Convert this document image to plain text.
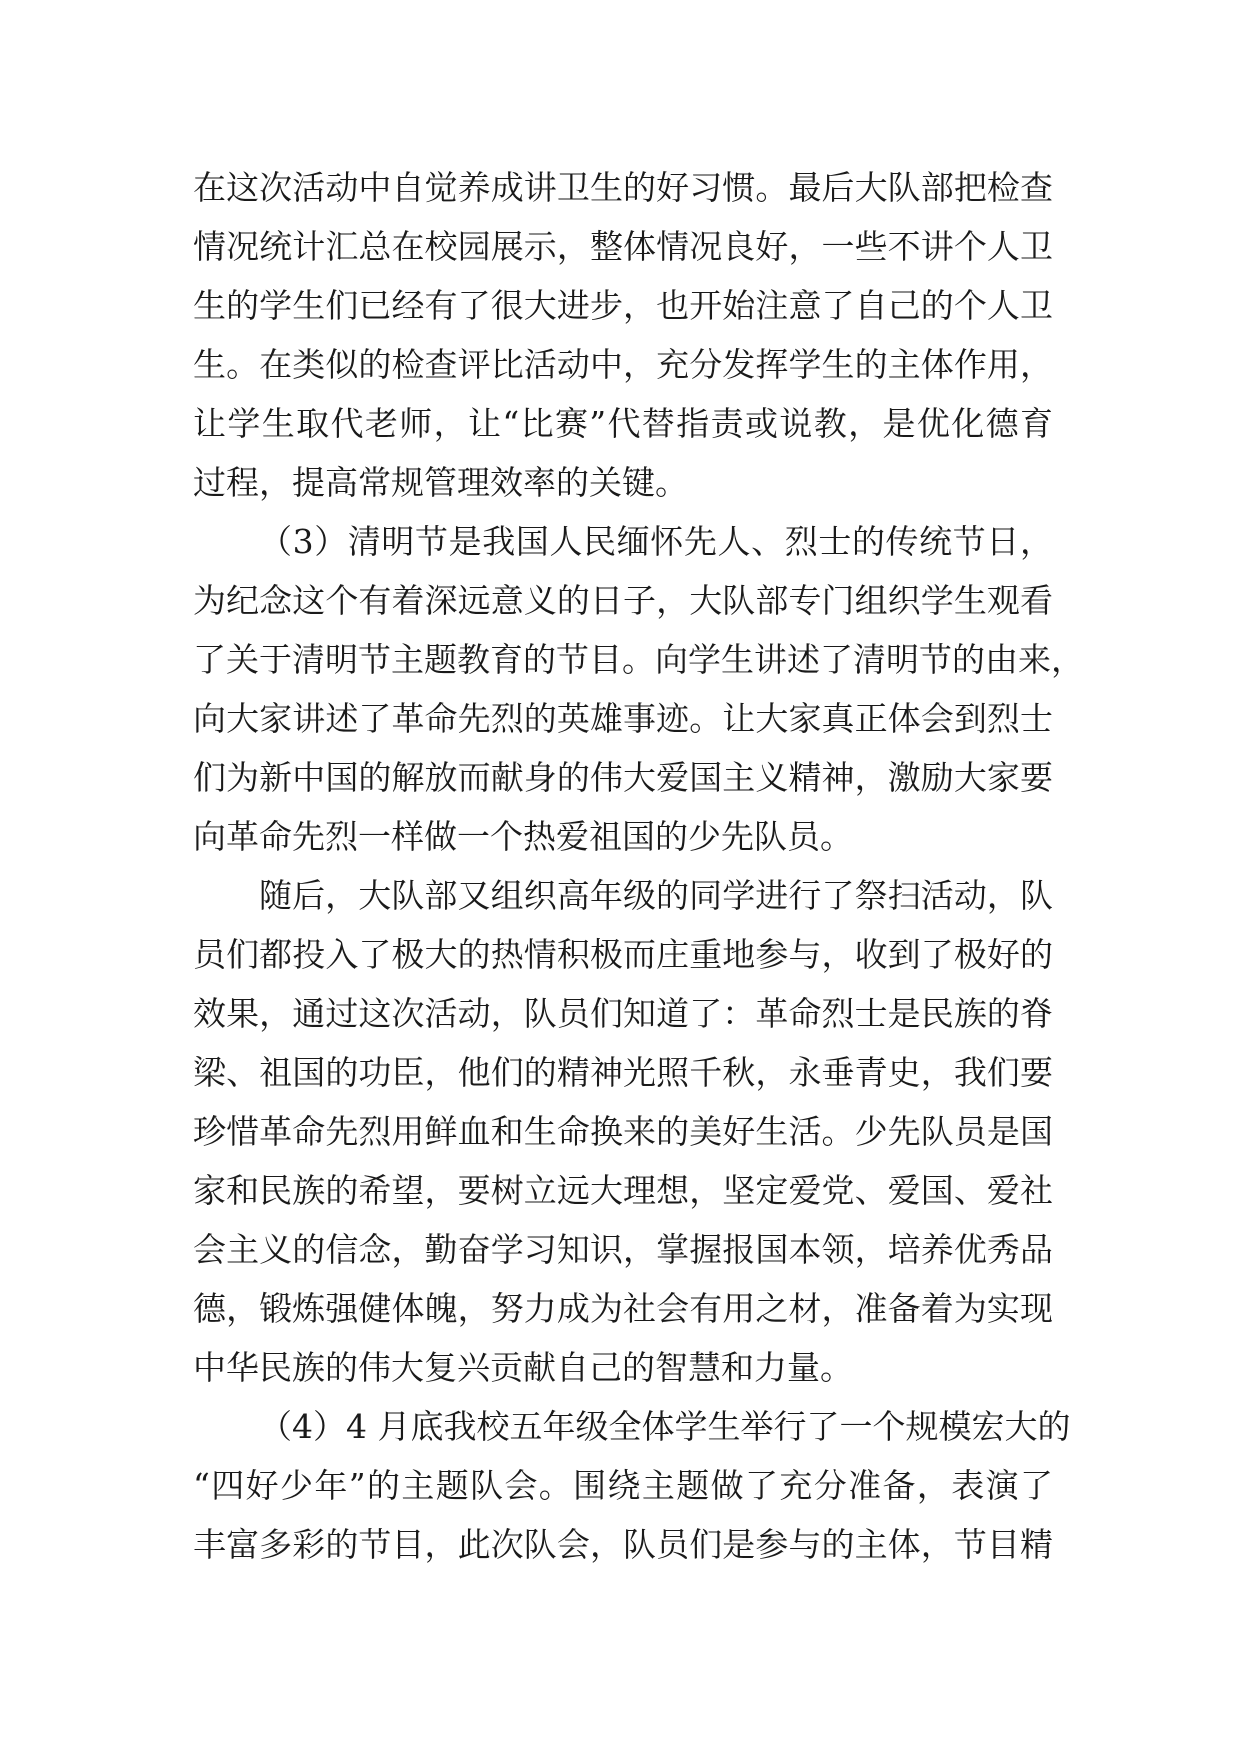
在这次活动中自觉养成讲卫生的好习惯。最后大队部把检查
情况统计汇总在校园展示，整体情况良好，一些不讲个人卫
生的学生们已经有了很大进步，也开始注意了自己的个人卫
生。在类似的检查评比活动中，充分发挥学生的主体作用，
让学生取代老师，让“比赛”代替指责或说教，是优化德育
过程，提高常规管理效率的关键。
（3）清明节是我国人民缅怀先人、烈士的传统节日，
为纪念这个有着深远意义的日子，大队部专门组织学生观看
了关于清明节主题教育的节目。向学生讲述了清明节的由来，
向大家讲述了革命先烈的英雄事迹。让大家真正体会到烈士
们为新中国的解放而献身的伟大爱国主义精神，激励大家要
向革命先烈一样做一个热爱祖国的少先队员。
随后，大队部又组织高年级的同学进行了祭扫活动，队
员们都投入了极大的热情积极而庄重地参与，收到了极好的
效果，通过这次活动，队员们知道了：革命烈士是民族的脊
梁、祖国的功臣，他们的精神光照千秋，永垂青史，我们要
珍惜革命先烈用鲜血和生命换来的美好生活。少先队员是国
家和民族的希望，要树立远大理想，坚定爱党、爱国、爱社
会主义的信念，勤奋学习知识，掌握报国本领，培养优秀品
德，锻炼强健体魄，努力成为社会有用之材，准备着为实现
中华民族的伟大复兴贡献自己的智慧和力量。
（4）4 月底我校五年级全体学生举行了一个规模宏大的
“四好少年”的主题队会。围绕主题做了充分准备，表演了
丰富多彩的节目，此次队会，队员们是参与的主体，节目精
